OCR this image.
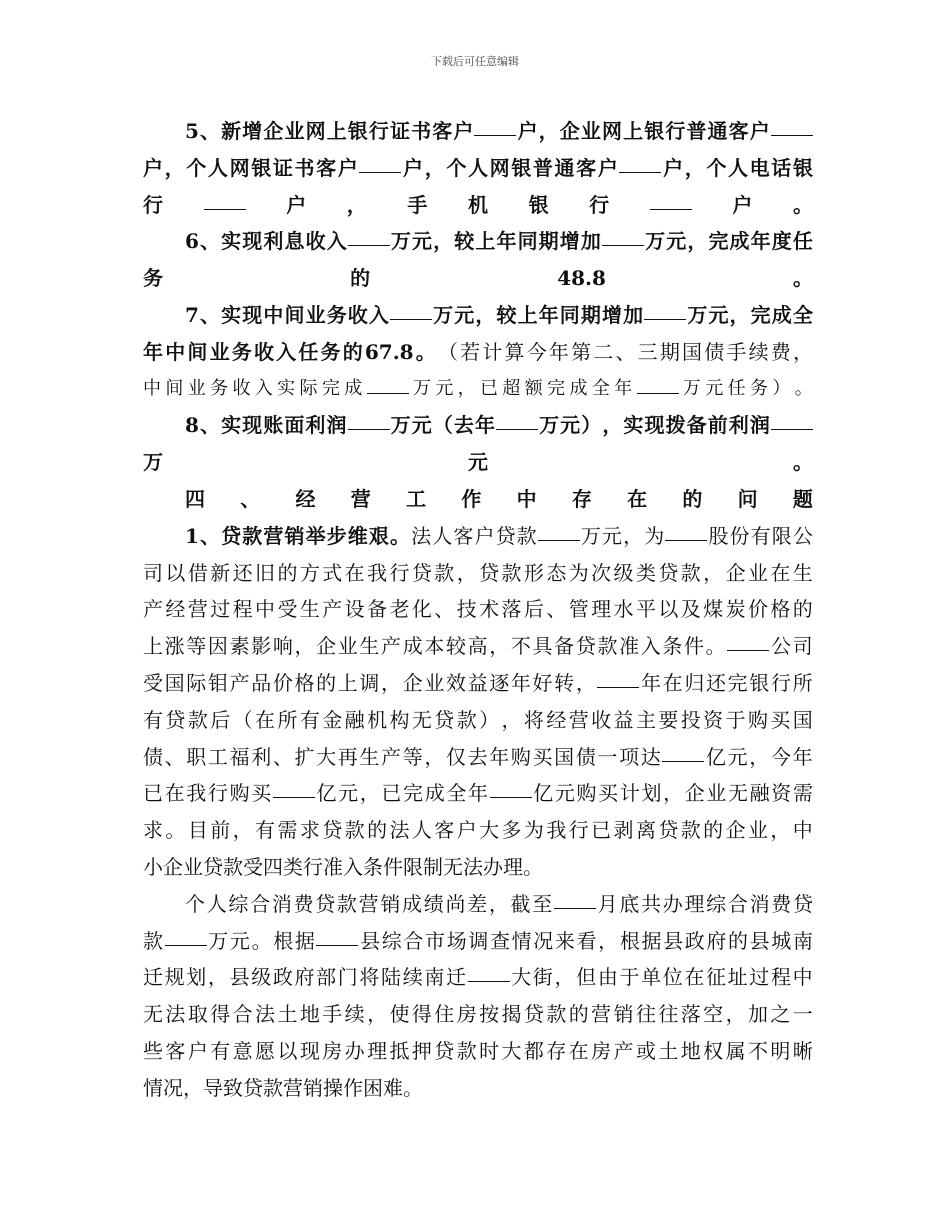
下载后可任意编辑
5 、 新 增 企 业 网 上 银 行 证 书 客 户 户 ， 企 业 网 上 银 行 普 通 客 户
户 ， 个 人 网 银 证 书 客 户 户 ， 个 人 网 银 普 通 客 户 户 ， 个 人 电 话 银
行	户 ， 手 机 银 行	户 。
6 、 实 现 利 息 收 入 万 元 ， 较 上 年 同 期 增 加 万 元 ， 完 成 年 度 任
务	的	48.8	。
7 、 实 现 中 间 业 务 收 入 万 元 ， 较 上 年 同 期 增 加 万 元 ， 完 成 全
年 中 间 业 务 收 入 任 务 的 67.8 。 （ 若 计 算 今 年 第 二 、 三 期 国 债 手 续 费 ，
中 间 业 务 收 入 实 际 完 成	万 元 ， 已 超 额 完 成 全 年	万 元 任 务 ） 。
8 、 实 现 账 面 利 润 万 元 （ 去 年 万 元 ） ， 实 现 拨 备 前 利 润
万	元	。
四 、 经 营 工 作 中 存 在 的 问 题
1 、 贷 款 营 销 举 步 维 艰 。 法 人 客 户 贷 款 万 元 ， 为 股 份 有 限 公
司 以 借 新 还 旧 的 方 式 在 我 行 贷 款 ， 贷 款 形 态 为 次 级 类 贷 款 ， 企 业 在 生
产 经 营 过 程 中 受 生 产 设 备 老 化 、 技 术 落 后 、 管 理 水 平 以 及 煤 炭 价 格 的
上 涨 等 因 素 影 响 ， 企 业 生 产 成 本 较 高 ， 不 具 备 贷 款 准 入 条 件 。 公 司
受 国 际 钼 产 品 价 格 的 上 调 ， 企 业 效 益 逐 年 好 转 ， 年 在 归 还 完 银 行 所
有 贷 款 后 （ 在 所 有 金 融 机 构 无 贷 款 ） ， 将 经 营 收 益 主 要 投 资 于 购 买 国
债 、 职 工 福 利 、 扩 大 再 生 产 等 ， 仅 去 年 购 买 国 债 一 项 达 亿 元 ， 今 年
已 在 我 行 购 买 亿 元 ， 已 完 成 全 年 亿 元 购 买 计 划 ， 企 业 无 融 资 需
求 。 目 前 ， 有 需 求 贷 款 的 法 人 客 户 大 多 为 我 行 已 剥 离 贷 款 的 企 业 ， 中
小企业贷款受四类行准入条件限制无法办理。
个 人 综 合 消 费 贷 款 营 销 成 绩 尚 差 ， 截 至 月 底 共 办 理 综 合 消 费 贷
款 万 元 。 根 据 县 综 合 市 场 调 查 情 况 来 看 ， 根 据 县 政 府 的 县 城 南
迁 规 划 ， 县 级 政 府 部 门 将 陆 续 南 迁 大 街 ， 但 由 于 单 位 在 征 址 过 程 中
无 法 取 得 合 法 土 地 手 续 ， 使 得 住 房 按 揭 贷 款 的 营 销 往 往 落 空 ， 加 之 一
些 客 户 有 意 愿 以 现 房 办 理 抵 押 贷 款 时 大 都 存 在 房 产 或 土 地 权 属 不 明 晰
情况，导致贷款营销操作困难。
